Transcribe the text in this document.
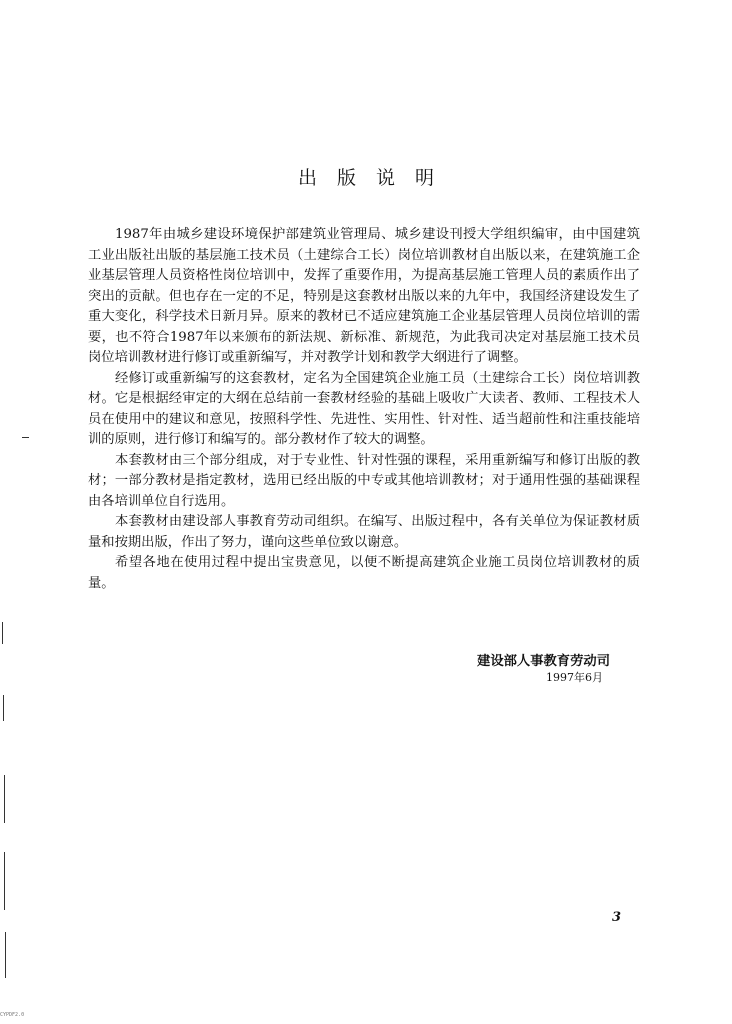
出版说明

1987年由城乡建设环境保护部建筑业管理局、城乡建设刊授大学组织编审，由中国建筑工业出版社出版的基层施工技术员（土建综合工长）岗位培训教材自出版以来，在建筑施工企业基层管理人员资格性岗位培训中，发挥了重要作用，为提高基层施工管理人员的素质作出了突出的贡献。但也存在一定的不足，特别是这套教材出版以来的九年中，我国经济建设发生了重大变化，科学技术日新月异。原来的教材已不适应建筑施工企业基层管理人员岗位培训的需要，也不符合1987年以来颁布的新法规、新标准、新规范，为此我司决定对基层施工技术员岗位培训教材进行修订或重新编写，并对教学计划和教学大纲进行了调整。

经修订或重新编写的这套教材，定名为全国建筑企业施工员（土建综合工长）岗位培训教材。它是根据经审定的大纲在总结前一套教材经验的基础上吸收广大读者、教师、工程技术人员在使用中的建议和意见，按照科学性、先进性、实用性、针对性、适当超前性和注重技能培训的原则，进行修订和编写的。部分教材作了较大的调整。

本套教材由三个部分组成，对于专业性、针对性强的课程，采用重新编写和修订出版的教材；一部分教材是指定教材，选用已经出版的中专或其他培训教材；对于通用性强的基础课程由各培训单位自行选用。

本套教材由建设部人事教育劳动司组织。在编写、出版过程中，各有关单位为保证教材质量和按期出版，作出了努力，谨向这些单位致以谢意。

希望各地在使用过程中提出宝贵意见，以便不断提高建筑企业施工员岗位培训教材的质量。

建设部人事教育劳动司
1997年6月
3
CYPDF2.0
